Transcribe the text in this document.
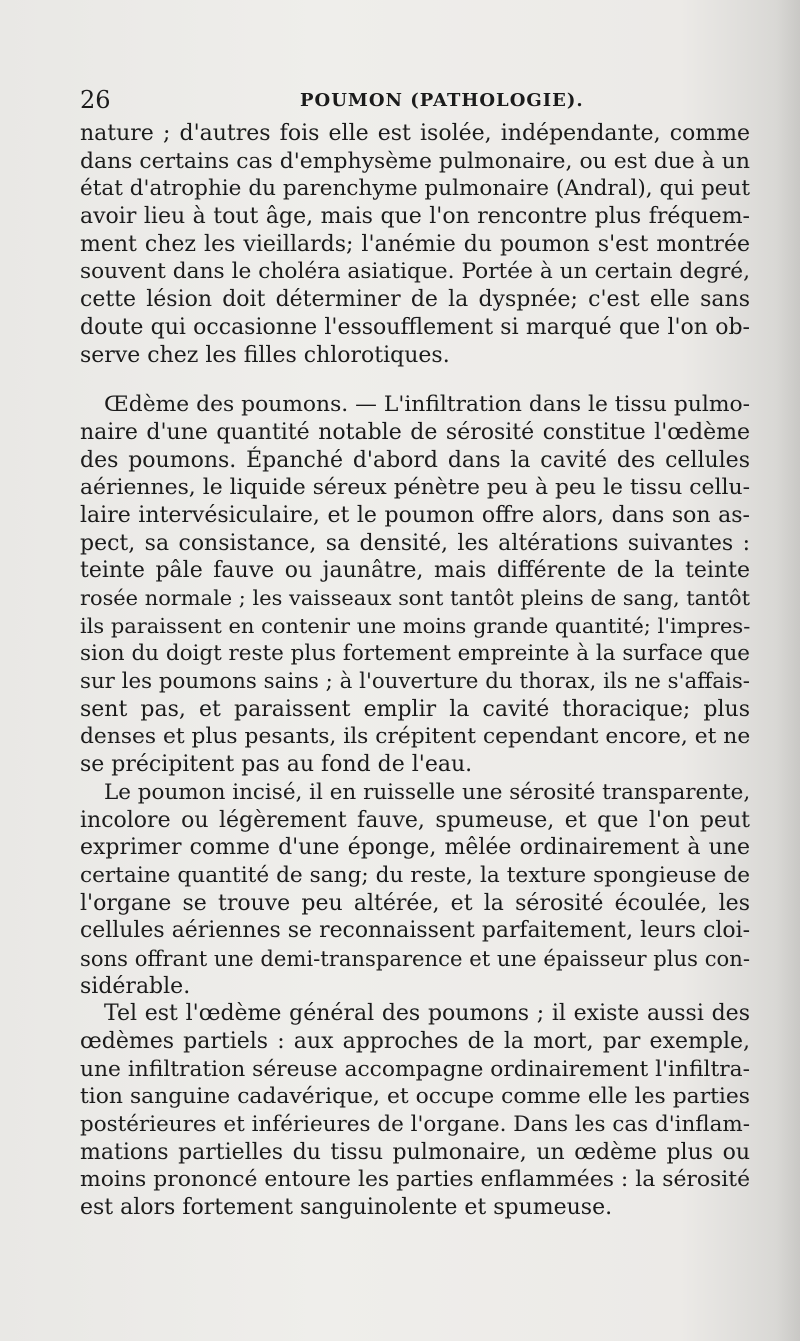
26	POUMON (PATHOLOGIE).
nature ; d'autres fois elle est isolée, indépendante, comme
dans certains cas d'emphysème pulmonaire, ou est due à un
état d'atrophie du parenchyme pulmonaire (Andral), qui peut
avoir lieu à tout âge, mais que l'on rencontre plus fréquem-
ment chez les vieillards; l'anémie du poumon s'est montrée
souvent dans le choléra asiatique. Portée à un certain degré,
cette lésion doit déterminer de la dyspnée; c'est elle sans
doute qui occasionne l'essoufflement si marqué que l'on ob-
serve chez les filles chlorotiques.
Œdème des poumons. — L'infiltration dans le tissu pulmo-
naire d'une quantité notable de sérosité constitue l'œdème
des poumons. Épanché d'abord dans la cavité des cellules
aériennes, le liquide séreux pénètre peu à peu le tissu cellu-
laire intervésiculaire, et le poumon offre alors, dans son as-
pect, sa consistance, sa densité, les altérations suivantes :
teinte pâle fauve ou jaunâtre, mais différente de la teinte
rosée normale ; les vaisseaux sont tantôt pleins de sang, tantôt
ils paraissent en contenir une moins grande quantité; l'impres-
sion du doigt reste plus fortement empreinte à la surface que
sur les poumons sains ; à l'ouverture du thorax, ils ne s'affais-
sent pas, et paraissent emplir la cavité thoracique; plus
denses et plus pesants, ils crépitent cependant encore, et ne
se précipitent pas au fond de l'eau.
Le poumon incisé, il en ruisselle une sérosité transparente,
incolore ou légèrement fauve, spumeuse, et que l'on peut
exprimer comme d'une éponge, mêlée ordinairement à une
certaine quantité de sang; du reste, la texture spongieuse de
l'organe se trouve peu altérée, et la sérosité écoulée, les
cellules aériennes se reconnaissent parfaitement, leurs cloi-
sons offrant une demi-transparence et une épaisseur plus con-
sidérable.
Tel est l'œdème général des poumons ; il existe aussi des
œdèmes partiels : aux approches de la mort, par exemple,
une infiltration séreuse accompagne ordinairement l'infiltra-
tion sanguine cadavérique, et occupe comme elle les parties
postérieures et inférieures de l'organe. Dans les cas d'inflam-
mations partielles du tissu pulmonaire, un œdème plus ou
moins prononcé entoure les parties enflammées : la sérosité
est alors fortement sanguinolente et spumeuse.
